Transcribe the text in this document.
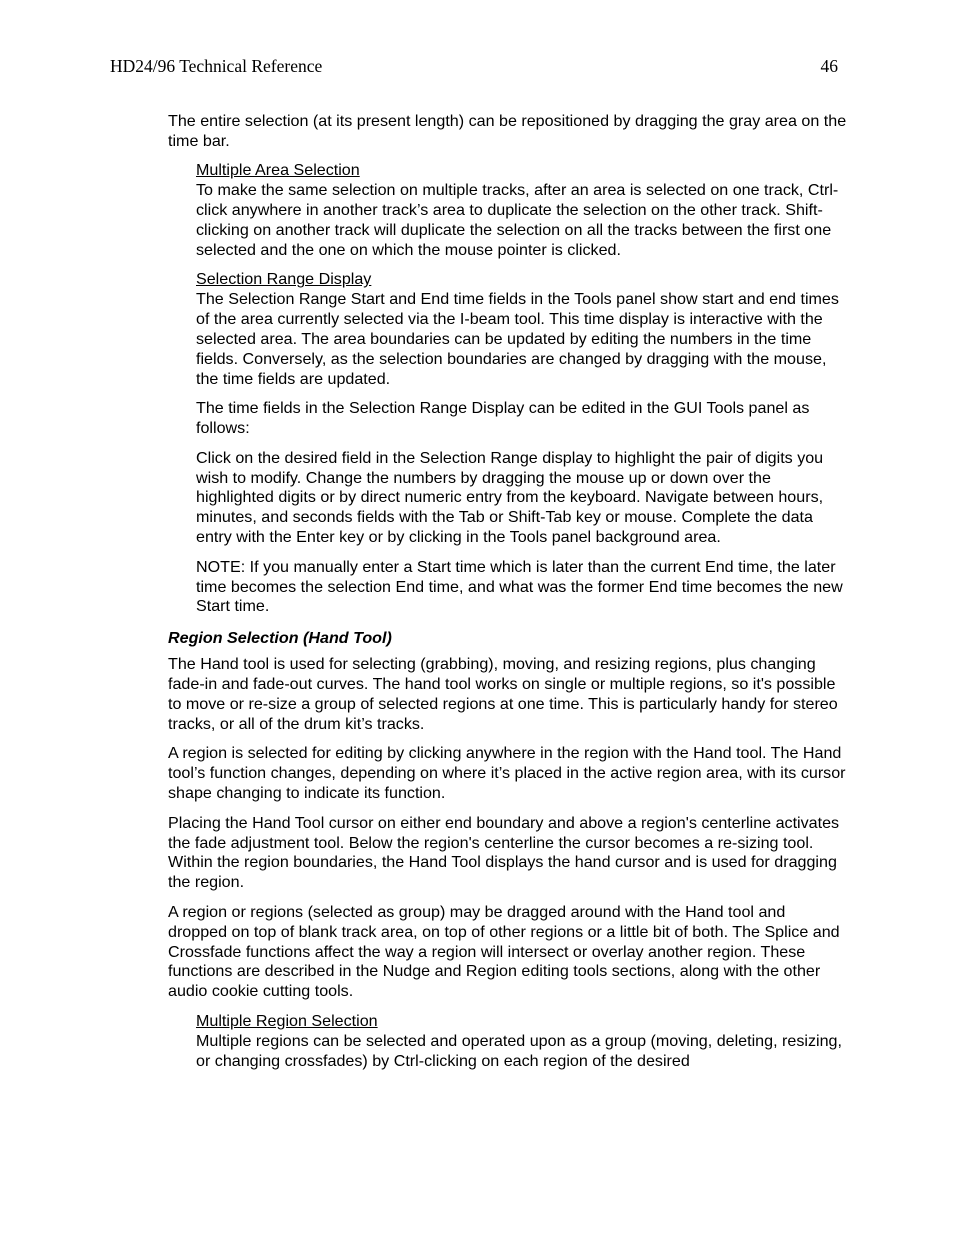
HD24/96 Technical Reference	46

The entire selection (at its present length) can be repositioned by dragging the gray area on the time bar.

Multiple Area Selection

To make the same selection on multiple tracks, after an area is selected on one track, Ctrl-click anywhere in another track’s area to duplicate the selection on the other track. Shift-clicking on another track will duplicate the selection on all the tracks between the first one selected and the one on which the mouse pointer is clicked.

Selection Range Display

The Selection Range Start and End time fields in the Tools panel show start and end times of the area currently selected via the I-beam tool. This time display is interactive with the selected area. The area boundaries can be updated by editing the numbers in the time fields. Conversely, as the selection boundaries are changed by dragging with the mouse, the time fields are updated.

The time fields in the Selection Range Display can be edited in the GUI Tools panel as follows:

Click on the desired field in the Selection Range display to highlight the pair of digits you wish to modify. Change the numbers by dragging the mouse up or down over the highlighted digits or by direct numeric entry from the keyboard. Navigate between hours, minutes, and seconds fields with the Tab or Shift-Tab key or mouse. Complete the data entry with the Enter key or by clicking in the Tools panel background area.

NOTE: If you manually enter a Start time which is later than the current End time, the later time becomes the selection End time, and what was the former End time becomes the new Start time.

Region Selection (Hand Tool)

The Hand tool is used for selecting (grabbing), moving, and resizing regions, plus changing fade-in and fade-out curves. The hand tool works on single or multiple regions, so it's possible to move or re-size a group of selected regions at one time. This is particularly handy for stereo tracks, or all of the drum kit’s tracks.

A region is selected for editing by clicking anywhere in the region with the Hand tool. The Hand tool’s function changes, depending on where it’s placed in the active region area, with its cursor shape changing to indicate its function.

Placing the Hand Tool cursor on either end boundary and above a region's centerline activates the fade adjustment tool. Below the region's centerline the cursor becomes a re-sizing tool. Within the region boundaries, the Hand Tool displays the hand cursor and is used for dragging the region.

A region or regions (selected as group) may be dragged around with the Hand tool and dropped on top of blank track area, on top of other regions or a little bit of both. The Splice and Crossfade functions affect the way a region will intersect or overlay another region. These functions are described in the Nudge and Region editing tools sections, along with the other audio cookie cutting tools.

Multiple Region Selection

Multiple regions can be selected and operated upon as a group (moving, deleting, resizing, or changing crossfades) by Ctrl-clicking on each region of the desired
